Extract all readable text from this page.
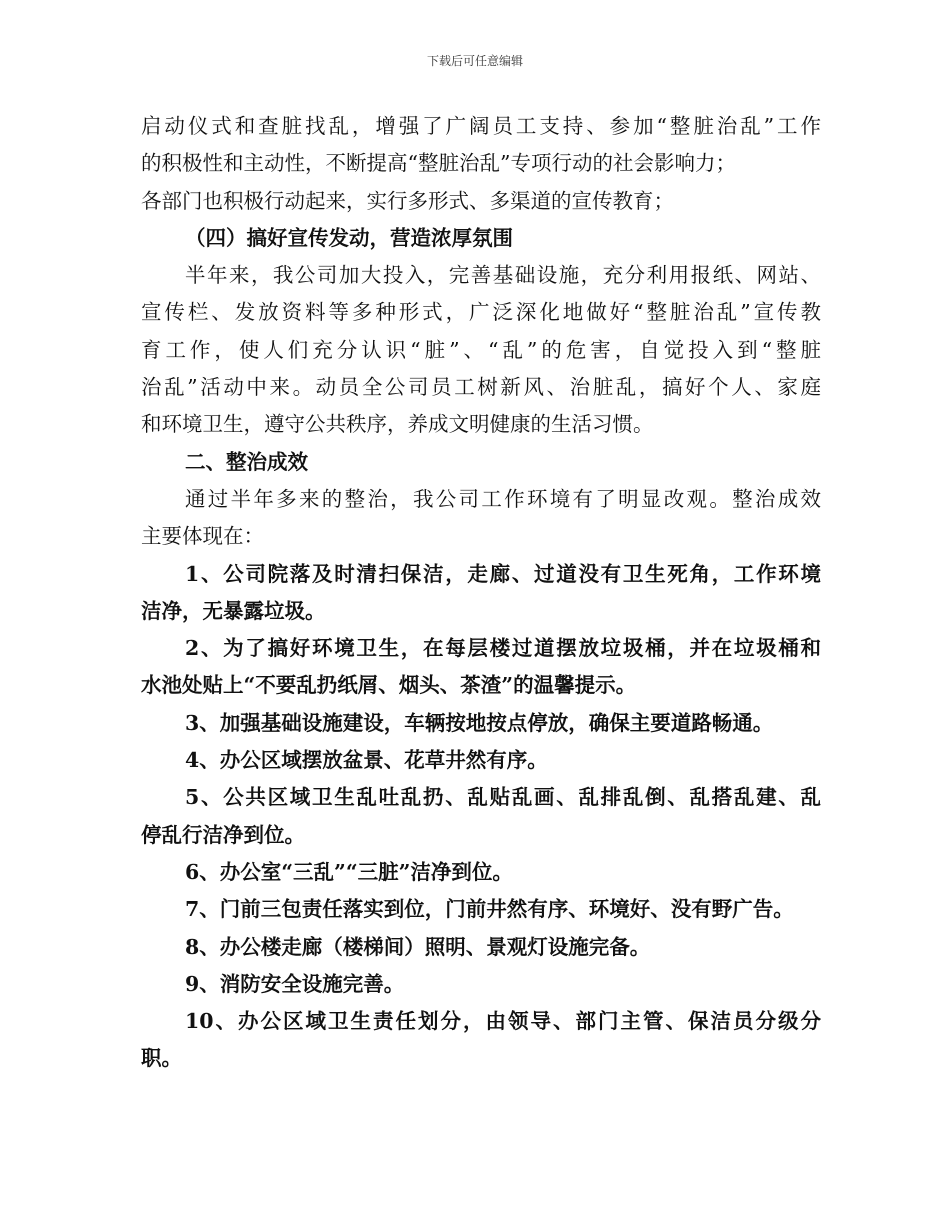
下载后可任意编辑
启动仪式和查脏找乱，增强了广阔员工支持、参加“整脏治乱”工作
的积极性和主动性，不断提高“整脏治乱”专项行动的社会影响力；
各部门也积极行动起来，实行多形式、多渠道的宣传教育；
（四）搞好宣传发动，营造浓厚氛围
半年来，我公司加大投入，完善基础设施，充分利用报纸、网站、
宣传栏、发放资料等多种形式，广泛深化地做好“整脏治乱”宣传教
育工作，使人们充分认识“脏”、“乱”的危害，自觉投入到“整脏
治乱”活动中来。动员全公司员工树新风、治脏乱，搞好个人、家庭
和环境卫生，遵守公共秩序，养成文明健康的生活习惯。
二、整治成效
通过半年多来的整治，我公司工作环境有了明显改观。整治成效
主要体现在：
1、公司院落及时清扫保洁，走廊、过道没有卫生死角，工作环境
洁净，无暴露垃圾。
2、为了搞好环境卫生，在每层楼过道摆放垃圾桶，并在垃圾桶和
水池处贴上“不要乱扔纸屑、烟头、茶渣”的温馨提示。
3、加强基础设施建设，车辆按地按点停放，确保主要道路畅通。
4、办公区域摆放盆景、花草井然有序。
5、公共区域卫生乱吐乱扔、乱贴乱画、乱排乱倒、乱搭乱建、乱
停乱行洁净到位。
6、办公室“三乱”“三脏”洁净到位。
7、门前三包责任落实到位，门前井然有序、环境好、没有野广告。
8、办公楼走廊（楼梯间）照明、景观灯设施完备。
9、消防安全设施完善。
10、办公区域卫生责任划分，由领导、部门主管、保洁员分级分
职。
